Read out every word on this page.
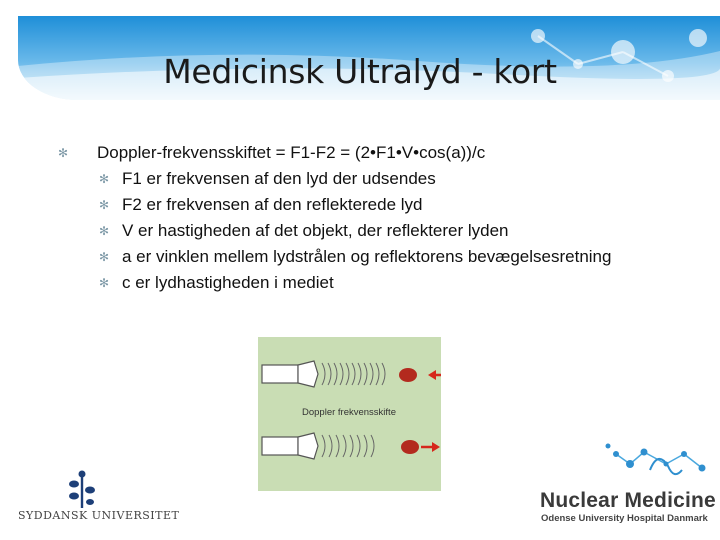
Medicinsk Ultralyd - kort
✻ Doppler-frekvensskiftet = F1-F2 = (2•F1•V•cos(a))/c
✻ F1 er frekvensen af den lyd der udsendes
✻ F2 er frekvensen af den reflekterede lyd
✻ V er hastigheden af det objekt, der reflekterer lyden
✻ a er vinklen mellem lydstrålen og reflektorens bevægelsesretning
✻ c er lydhastigheden i mediet
Doppler frekvensskifte
SYDDANSK UNIVERSITET
Nuclear Medicine
Odense University Hospital Danmark
